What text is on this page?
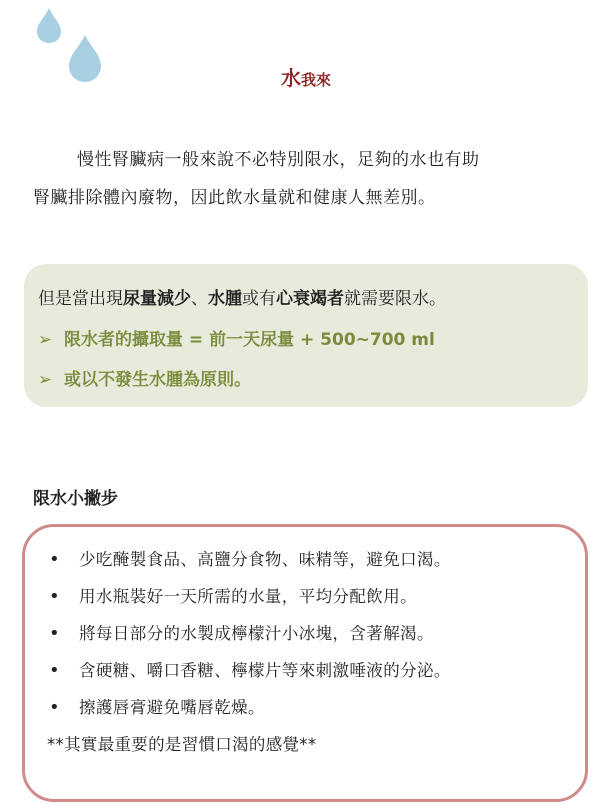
水我來
慢性腎臟病一般來說不必特別限水，足夠的水也有助
腎臟排除體內廢物，因此飲水量就和健康人無差別。
但是當出現尿量減少、水腫或有心衰竭者就需要限水。
➢ 限水者的攝取量 = 前一天尿量 + 500~700 ml
➢ 或以不發生水腫為原則。
限水小撇步
•	少吃醃製食品、高鹽分食物、味精等，避免口渴。
•	用水瓶裝好一天所需的水量，平均分配飲用。
•	將每日部分的水製成檸檬汁小冰塊，含著解渴。
•	含硬糖、嚼口香糖、檸檬片等來刺激唾液的分泌。
•	擦護唇膏避免嘴唇乾燥。
**其實最重要的是習慣口渴的感覺**
